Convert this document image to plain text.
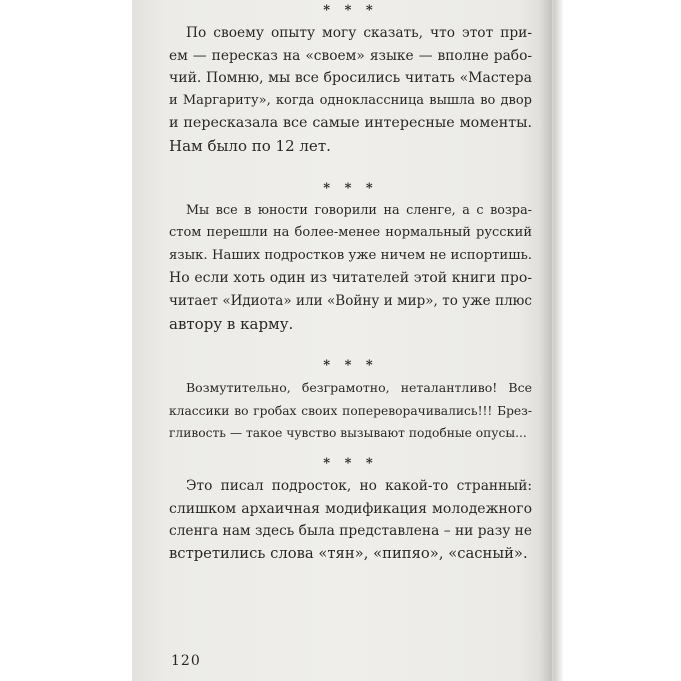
* * *
По своему опыту могу сказать, что этот при-
ем — пересказ на «своем» языке — вполне рабо-
чий. Помню, мы все бросились читать «Мастера
и Маргариту», когда одноклассница вышла во двор
и пересказала все самые интересные моменты.
Нам было по 12 лет.
* * *
Мы все в юности говорили на сленге, а с возра-
стом перешли на более-менее нормальный русский
язык. Наших подростков уже ничем не испортишь.
Но если хоть один из читателей этой книги про-
читает «Идиота» или «Войну и мир», то уже плюс
автору в карму.
* * *
Возмутительно, безграмотно, неталантливо! Все
классики во гробах своих попереворачивались!!! Брез-
гливость — такое чувство вызывают подобные опусы...
* * *
Это писал подросток, но какой-то странный:
слишком архаичная модификация молодежного
сленга нам здесь была представлена – ни разу не
встретились слова «тян», «пипяо», «сасный».
120
